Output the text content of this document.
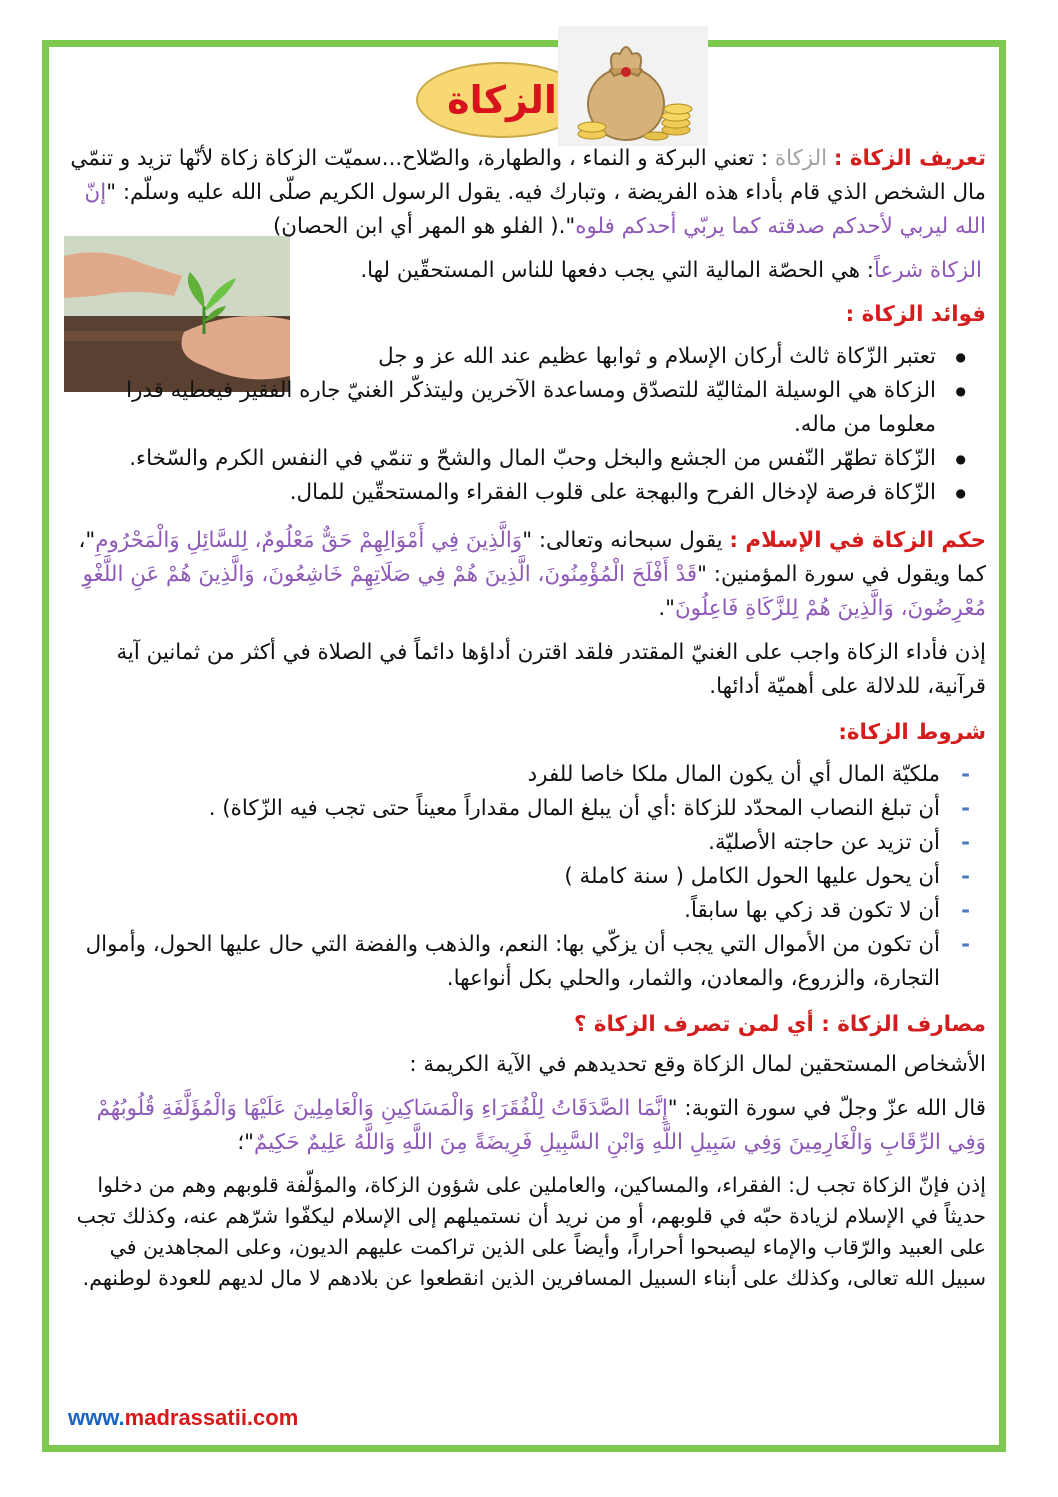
الزكاة

تعريف الزكاة : الزكاة : تعني البركة و النماء ، والطهارة، والصّلاح...سميّت الزكاة زكاة لأنّها تزيد و تنمّي مال الشخص الذي قام بأداء هذه الفريضة ، وتبارك فيه. يقول الرسول الكريم صلّى الله عليه وسلّم: "إنّ الله ليربي لأحدكم صدقته كما يربّي أحدكم فلوه".( الفلو هو المهر أي ابن الحصان)

الزكاة شرعاً: هي الحصّة المالية التي يجب دفعها للناس المستحقّين لها.

فوائد الزكاة :

● تعتبر الزّكاة ثالث أركان الإسلام و ثوابها عظيم عند الله عز و جل
● الزكاة هي الوسيلة المثاليّة للتصدّق ومساعدة الآخرين وليتذكّر الغنيّ جاره الفقير فيعطيه قدرا معلوما من ماله.
● الزّكاة تطهّر النّفس من الجشع والبخل وحبّ المال والشحّ و تنمّي في النفس الكرم والسّخاء.
● الزّكاة فرصة لإدخال الفرح والبهجة على قلوب الفقراء والمستحقّين للمال.

حكم الزكاة في الإسلام : يقول سبحانه وتعالى: "وَالَّذِينَ فِي أَمْوَالِهِمْ حَقٌّ مَعْلُومٌ، لِلسَّائِلِ وَالْمَحْرُومِ"، كما ويقول في سورة المؤمنين: "قَدْ أَفْلَحَ الْمُؤْمِنُونَ، الَّذِينَ هُمْ فِي صَلَاتِهِمْ خَاشِعُونَ، وَالَّذِينَ هُمْ عَنِ اللَّغْوِ مُعْرِضُونَ، وَالَّذِينَ هُمْ لِلزَّكَاةِ فَاعِلُونَ".

إذن فأداء الزكاة واجب على الغنيّ المقتدر فلقد اقترن أداؤها دائماً في الصلاة في أكثر من ثمانين آية قرآنية، للدلالة على أهميّة أدائها.

شروط الزكاة:

- ملكيّة المال أي أن يكون المال ملكا خاصا للفرد
- أن تبلغ النصاب المحدّد للزكاة :أي أن يبلغ المال مقداراً معيناً حتى تجب فيه الزّكاة) .
- أن تزيد عن حاجته الأصليّة.
- أن يحول عليها الحول الكامل ( سنة كاملة )
- أن لا تكون قد زكي بها سابقاً.
- أن تكون من الأموال التي يجب أن يزكّي بها: النعم، والذهب والفضة التي حال عليها الحول، وأموال التجارة، والزروع، والمعادن، والثمار، والحلي بكل أنواعها.

مصارف الزكاة : أي لمن تصرف الزكاة ؟

الأشخاص المستحقين لمال الزكاة وقع تحديدهم في الآية الكريمة :

قال الله عزّ وجلّ في سورة التوبة: "إِنَّمَا الصَّدَقَاتُ لِلْفُقَرَاءِ وَالْمَسَاكِينِ وَالْعَامِلِينَ عَلَيْهَا وَالْمُؤَلَّفَةِ قُلُوبُهُمْ وَفِي الرِّقَابِ وَالْغَارِمِينَ وَفِي سَبِيلِ اللَّهِ وَابْنِ السَّبِيلِ فَرِيضَةً مِنَ اللَّهِ وَاللَّهُ عَلِيمٌ حَكِيمٌ"؛

إذن فإنّ الزكاة تجب ل: الفقراء، والمساكين، والعاملين على شؤون الزكاة، والمؤلّفة قلوبهم وهم من دخلوا حديثاً في الإسلام لزيادة حبّه في قلوبهم، أو من نريد أن نستميلهم إلى الإسلام ليكفّوا شرّهم عنه، وكذلك تجب على العبيد والرّقاب والإماء ليصبحوا أحراراً، وأيضاً على الذين تراكمت عليهم الديون، وعلى المجاهدين في سبيل الله تعالى، وكذلك على أبناء السبيل المسافرين الذين انقطعوا عن بلادهم لا مال لديهم للعودة لوطنهم.

www.madrassatii.com
